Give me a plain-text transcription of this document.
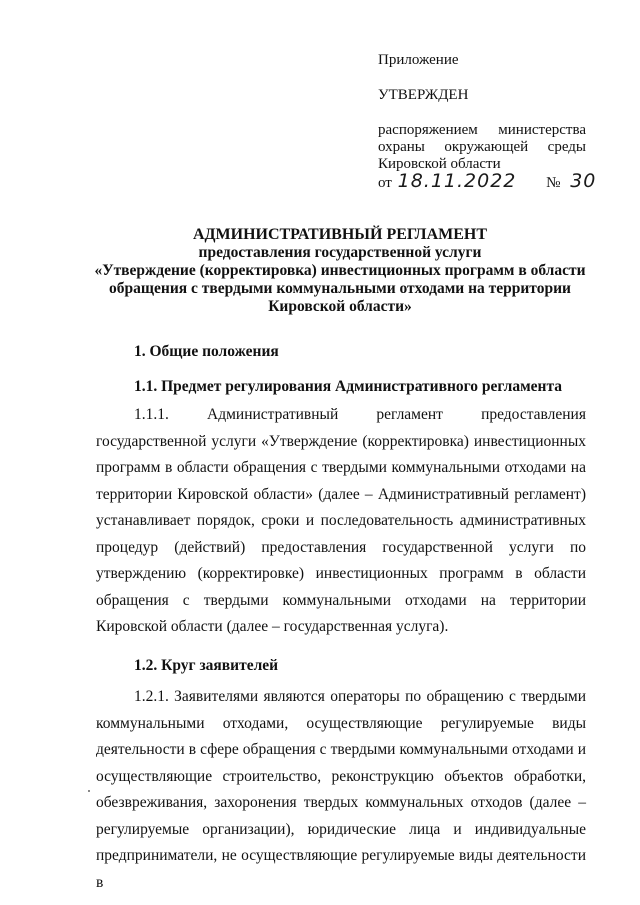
Приложение
УТВЕРЖДЕН
распоряжением министерства
охраны окружающей среды
Кировской области
от 18.11.2022 № 30
АДМИНИСТРАТИВНЫЙ РЕГЛАМЕНТ
предоставления государственной услуги
«Утверждение (корректировка) инвестиционных программ в области
обращения с твердыми коммунальными отходами на территории
Кировской области»
1. Общие положения
1.1. Предмет регулирования Административного регламента
1.1.1. Административный регламент предоставления
государственной услуги «Утверждение (корректировка) инвестиционных
программ в области обращения с твердыми коммунальными отходами на
территории Кировской области» (далее – Административный регламент)
устанавливает порядок, сроки и последовательность административных
процедур (действий) предоставления государственной услуги по
утверждению (корректировке) инвестиционных программ в области
обращения с твердыми коммунальными отходами на территории
Кировской области (далее – государственная услуга).
1.2. Круг заявителей
1.2.1. Заявителями являются операторы по обращению с твердыми
коммунальными отходами, осуществляющие регулируемые виды
деятельности в сфере обращения с твердыми коммунальными отходами и
осуществляющие строительство, реконструкцию объектов обработки,
обезвреживания, захоронения твердых коммунальных отходов (далее –
регулируемые организации), юридические лица и индивидуальные
предприниматели, не осуществляющие регулируемые виды деятельности в
